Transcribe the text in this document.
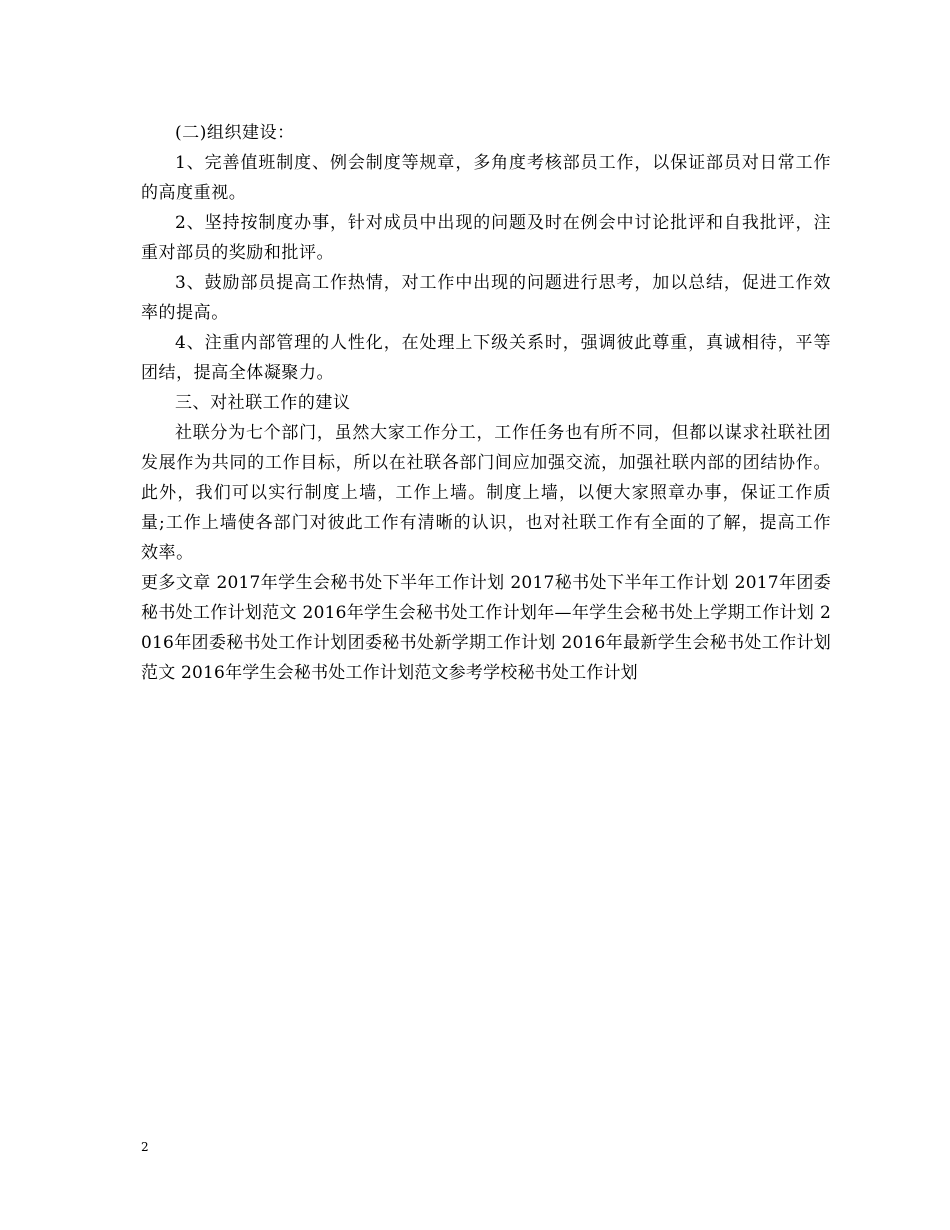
(二)组织建设：

1、完善值班制度、例会制度等规章，多角度考核部员工作，以保证部员对日常工作的高度重视。

2、坚持按制度办事，针对成员中出现的问题及时在例会中讨论批评和自我批评，注重对部员的奖励和批评。

3、鼓励部员提高工作热情，对工作中出现的问题进行思考，加以总结，促进工作效率的提高。

4、注重内部管理的人性化，在处理上下级关系时，强调彼此尊重，真诚相待，平等团结，提高全体凝聚力。

三、对社联工作的建议

社联分为七个部门，虽然大家工作分工，工作任务也有所不同，但都以谋求社联社团发展作为共同的工作目标，所以在社联各部门间应加强交流，加强社联内部的团结协作。此外，我们可以实行制度上墙，工作上墙。制度上墙，以便大家照章办事，保证工作质量;工作上墙使各部门对彼此工作有清晰的认识，也对社联工作有全面的了解，提高工作效率。

更多文章 2017年学生会秘书处下半年工作计划 2017秘书处下半年工作计划 2017年团委秘书处工作计划范文 2016年学生会秘书处工作计划年—年学生会秘书处上学期工作计划 2016年团委秘书处工作计划团委秘书处新学期工作计划 2016年最新学生会秘书处工作计划范文 2016年学生会秘书处工作计划范文参考学校秘书处工作计划

2
